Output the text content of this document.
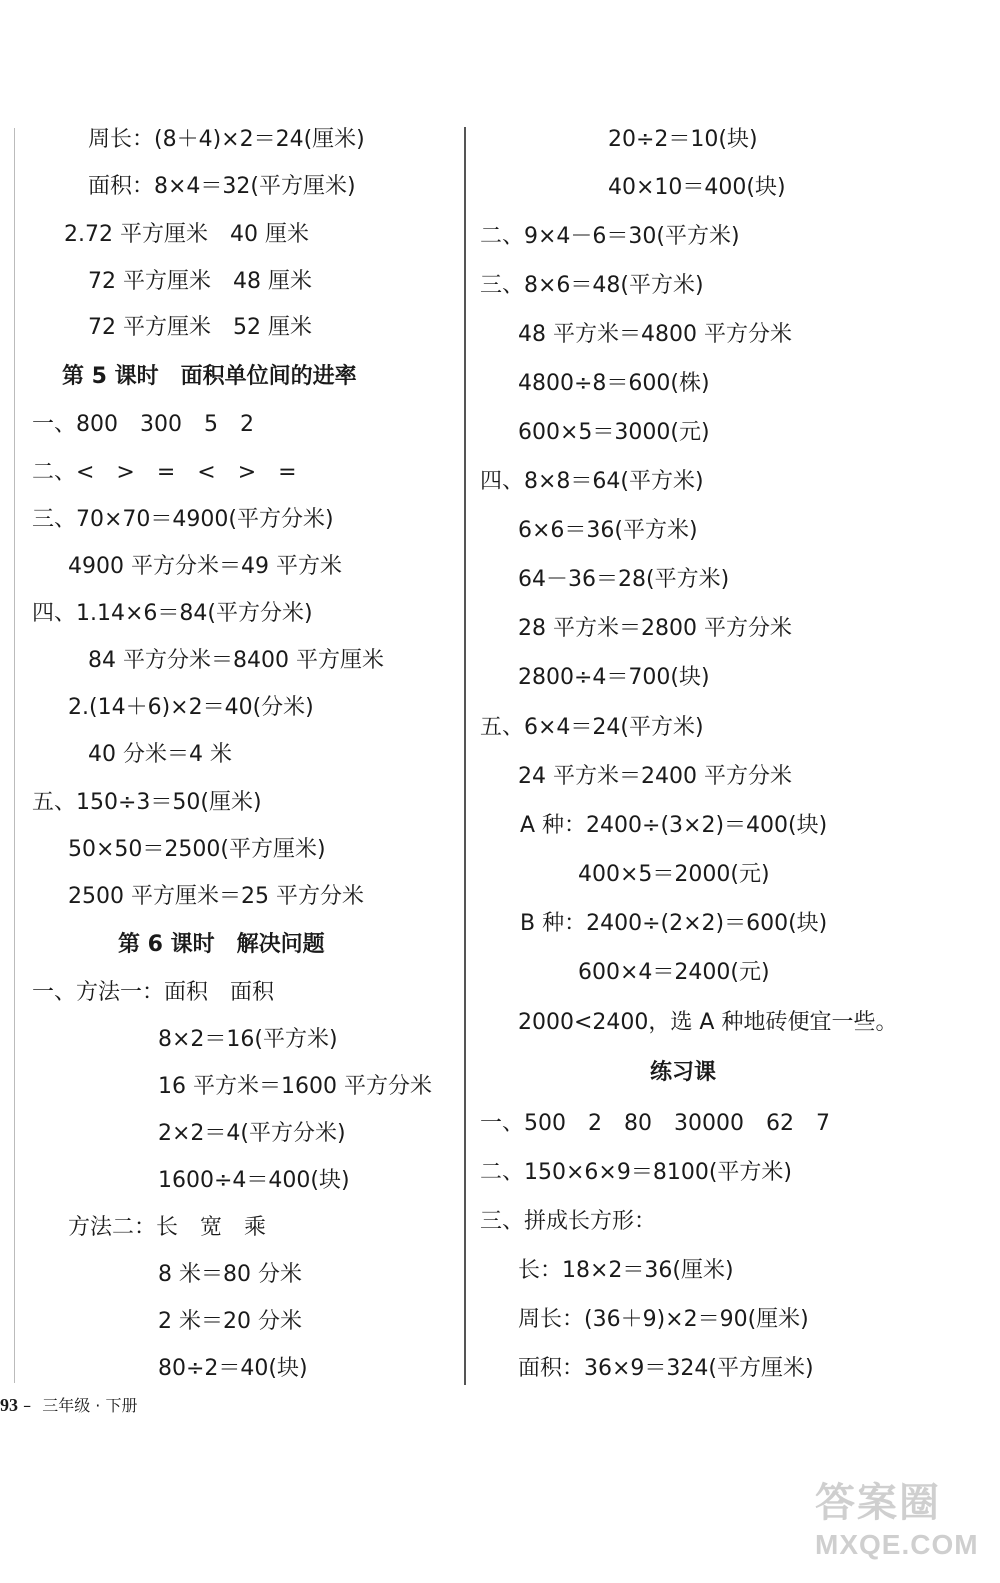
周长：(8＋4)×2＝24(厘米)
面积：8×4＝32(平方厘米)
2.72 平方厘米　40 厘米
72 平方厘米　48 厘米
72 平方厘米　52 厘米
第 5 课时　面积单位间的进率
一、800　300　5　2
二、<　>　=　<　>　=
三、70×70＝4900(平方分米)
4900 平方分米＝49 平方米
四、1.14×6＝84(平方分米)
84 平方分米＝8400 平方厘米
2.(14＋6)×2＝40(分米)
40 分米＝4 米
五、150÷3＝50(厘米)
50×50＝2500(平方厘米)
2500 平方厘米＝25 平方分米
第 6 课时　解决问题
一、方法一：面积　面积
8×2＝16(平方米)
16 平方米＝1600 平方分米
2×2＝4(平方分米)
1600÷4＝400(块)
方法二：长　宽　乘
8 米＝80 分米
2 米＝20 分米
80÷2＝40(块)
20÷2＝10(块)
40×10＝400(块)
二、9×4－6＝30(平方米)
三、8×6＝48(平方米)
48 平方米＝4800 平方分米
4800÷8＝600(株)
600×5＝3000(元)
四、8×8＝64(平方米)
6×6＝36(平方米)
64－36＝28(平方米)
28 平方米＝2800 平方分米
2800÷4＝700(块)
五、6×4＝24(平方米)
24 平方米＝2400 平方分米
A 种：2400÷(3×2)＝400(块)
400×5＝2000(元)
B 种：2400÷(2×2)＝600(块)
600×4＝2400(元)
2000<2400，选 A 种地砖便宜一些。
练习课
一、500　2　80　30000　62　7
二、150×6×9＝8100(平方米)
三、拼成长方形：
长：18×2＝36(厘米)
周长：(36＋9)×2＝90(厘米)
面积：36×9＝324(平方厘米)
93 – 三年级 · 下册
答案圈
MXQE.COM
